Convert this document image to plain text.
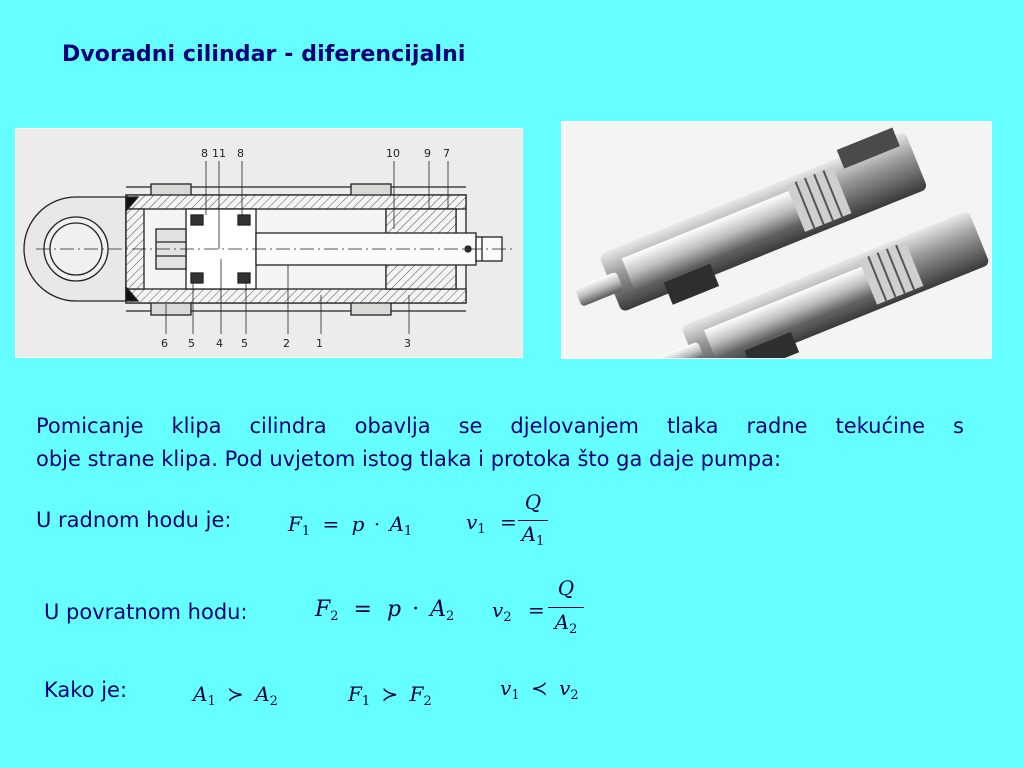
Dvoradni cilindar - diferencijalni
8 11 8	10 9 7
6 5 4 5	2 1	3
Pomicanje klipa cilindra obavlja se djelovanjem tlaka radne tekućine s
obje strane klipa. Pod uvjetom istog tlaka i protoka što ga daje pumpa:
U radnom hodu je:	$F_1 = p \cdot A_1$	$v_1$ =
Q
$A_1$
U povratnom hodu:	$F_2 = p \cdot A_2$ $v_2$ =
Q
$A_2$
Kako je:	$A_1$ ≻ $A_2$	$F_1$ ≻ $F_2$
$v_1$ ≺ $v_2$
